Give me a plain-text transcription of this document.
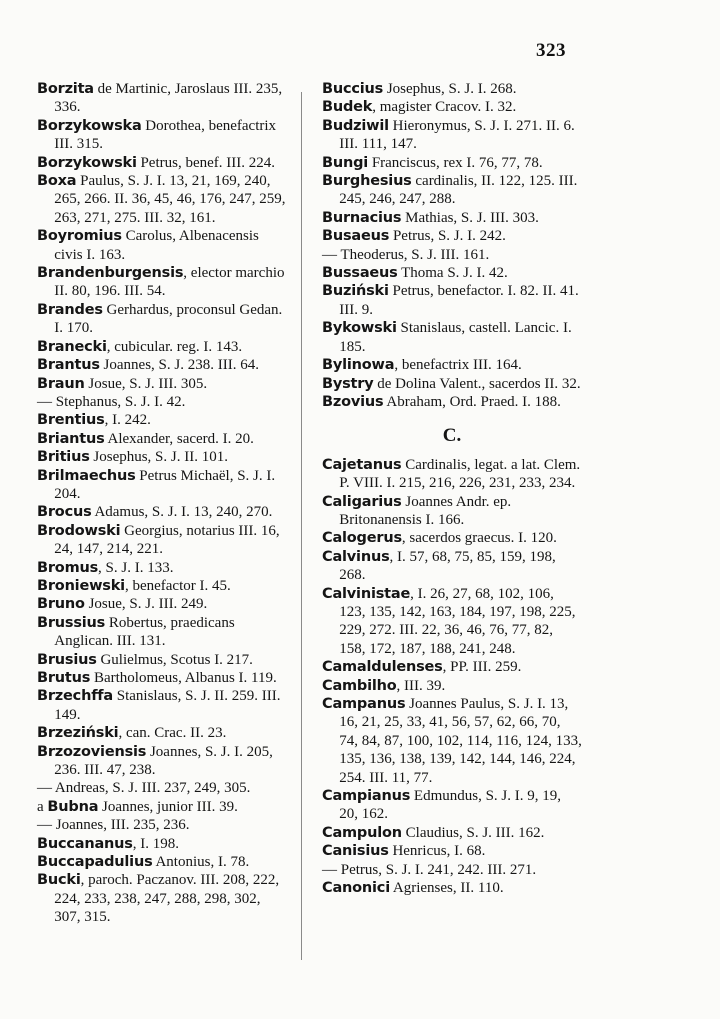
323

Borzita de Martinic, Jaroslaus III. 235, 336.

Borzykowska Dorothea, benefactrix III. 315.

Borzykowski Petrus, benef. III. 224.

Boxa Paulus, S. J. I. 13, 21, 169, 240, 265, 266. II. 36, 45, 46, 176, 247, 259, 263, 271, 275. III. 32, 161.

Boyromius Carolus, Albenacensis civis I. 163.

Brandenburgensis, elector marchio II. 80, 196. III. 54.

Brandes Gerhardus, proconsul Gedan. I. 170.

Branecki, cubicular. reg. I. 143.

Brantus Joannes, S. J. 238. III. 64.

Braun Josue, S. J. III. 305.

— Stephanus, S. J. I. 42.

Brentius, I. 242.

Briantus Alexander, sacerd. I. 20.

Britius Josephus, S. J. II. 101.

Brilmaechus Petrus Michaël, S. J. I. 204.

Brocus Adamus, S. J. I. 13, 240, 270.

Brodowski Georgius, notarius III. 16, 24, 147, 214, 221.

Bromus, S. J. I. 133.

Broniewski, benefactor I. 45.

Bruno Josue, S. J. III. 249.

Brussius Robertus, praedicans Anglican. III. 131.

Brusius Gulielmus, Scotus I. 217.

Brutus Bartholomeus, Albanus I. 119.

Brzechffa Stanislaus, S. J. II. 259. III. 149.

Brzeziński, can. Crac. II. 23.

Brzozoviensis Joannes, S. J. I. 205, 236. III. 47, 238.

— Andreas, S. J. III. 237, 249, 305.

a Bubna Joannes, junior III. 39.

— Joannes, III. 235, 236.

Buccananus, I. 198.

Buccapadulius Antonius, I. 78.

Bucki, paroch. Paczanov. III. 208, 222, 224, 233, 238, 247, 288, 298, 302, 307, 315.

Buccius Josephus, S. J. I. 268.

Budek, magister Cracov. I. 32.

Budziwil Hieronymus, S. J. I. 271. II. 6. III. 111, 147.

Bungi Franciscus, rex I. 76, 77, 78.

Burghesius cardinalis, II. 122, 125. III. 245, 246, 247, 288.

Burnacius Mathias, S. J. III. 303.

Busaeus Petrus, S. J. I. 242.

— Theoderus, S. J. III. 161.

Bussaeus Thoma S. J. I. 42.

Buziński Petrus, benefactor. I. 82. II. 41. III. 9.

Bykowski Stanislaus, castell. Lancic. I. 185.

Bylinowa, benefactrix III. 164.

Bystry de Dolina Valent., sacerdos II. 32.

Bzovius Abraham, Ord. Praed. I. 188.

C.

Cajetanus Cardinalis, legat. a lat. Clem. P. VIII. I. 215, 216, 226, 231, 233, 234.

Caligarius Joannes Andr. ep. Britonanensis I. 166.

Calogerus, sacerdos graecus. I. 120.

Calvinus, I. 57, 68, 75, 85, 159, 198, 268.

Calvinistae, I. 26, 27, 68, 102, 106, 123, 135, 142, 163, 184, 197, 198, 225, 229, 272. III. 22, 36, 46, 76, 77, 82, 158, 172, 187, 188, 241, 248.

Camaldulenses, PP. III. 259.

Cambilho, III. 39.

Campanus Joannes Paulus, S. J. I. 13, 16, 21, 25, 33, 41, 56, 57, 62, 66, 70, 74, 84, 87, 100, 102, 114, 116, 124, 133, 135, 136, 138, 139, 142, 144, 146, 224, 254. III. 11, 77.

Campianus Edmundus, S. J. I. 9, 19, 20, 162.

Campulon Claudius, S. J. III. 162.

Canisius Henricus, I. 68.

— Petrus, S. J. I. 241, 242. III. 271.

Canonici Agrienses, II. 110.
